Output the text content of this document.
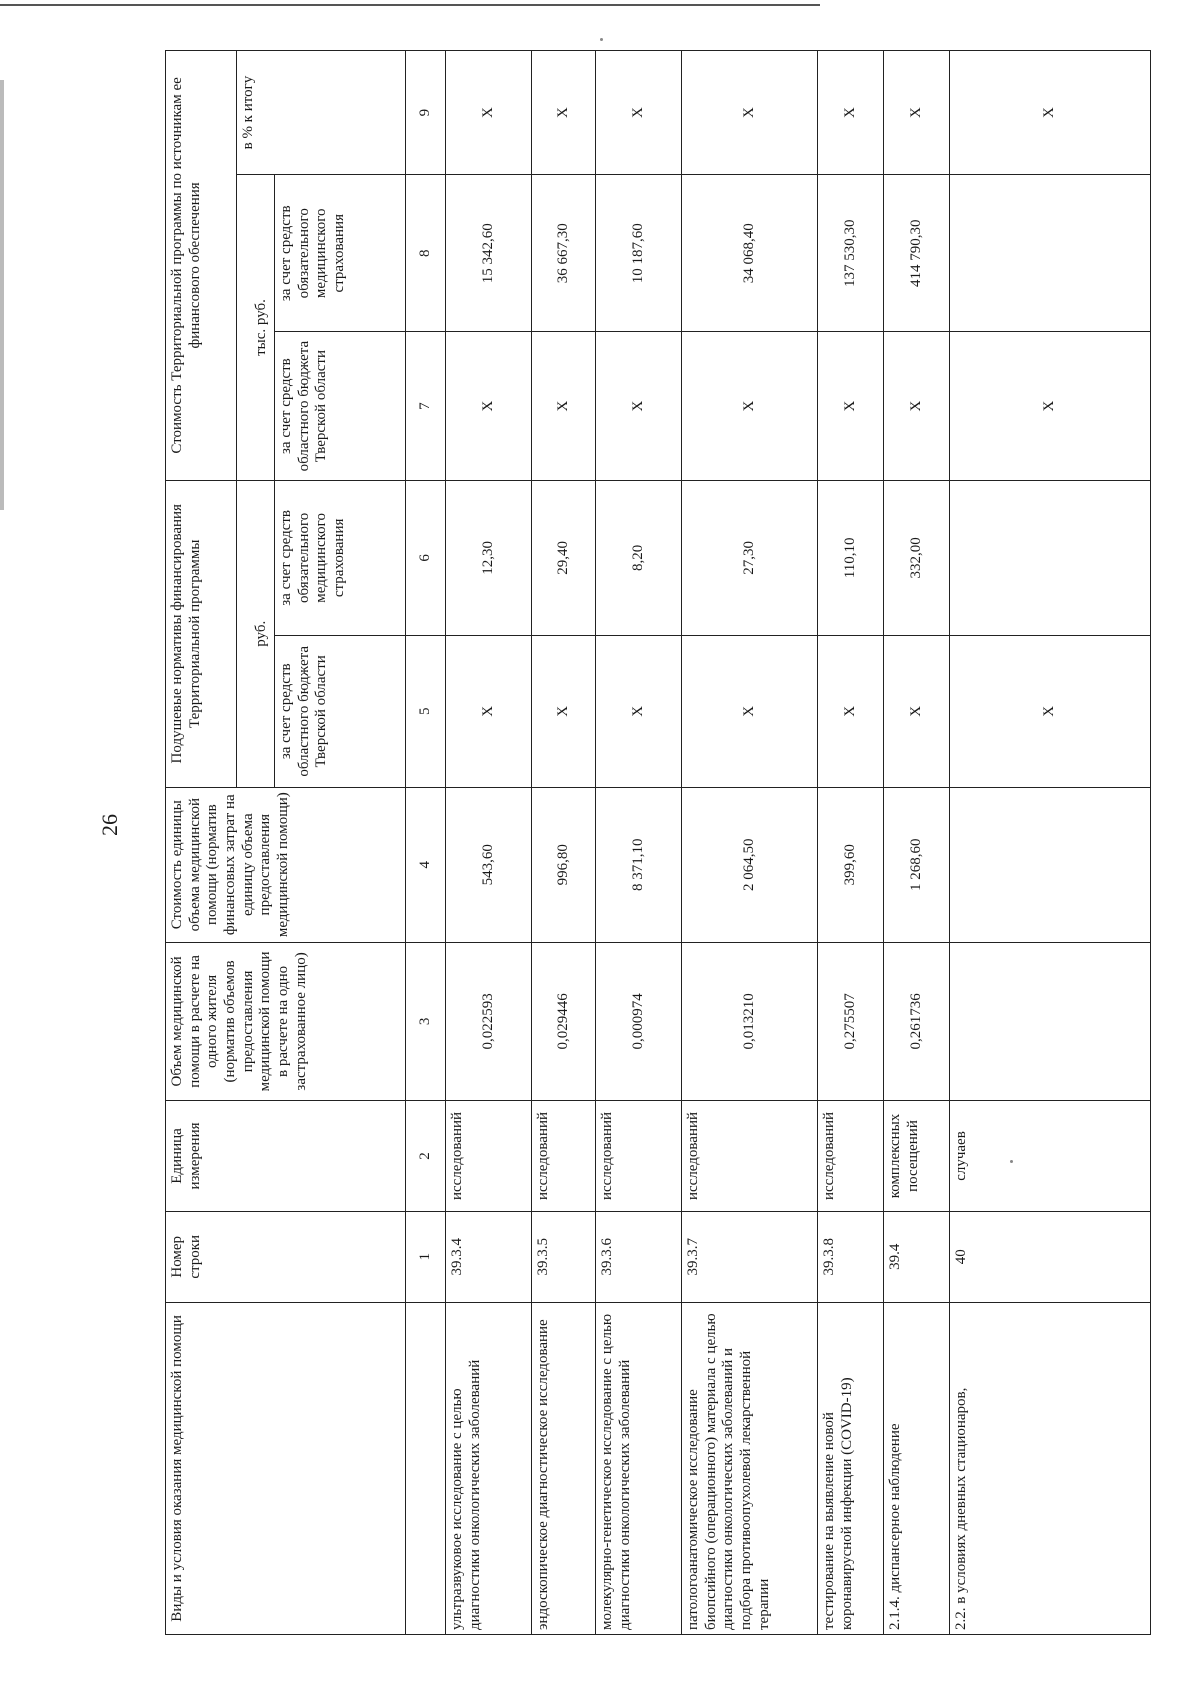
26
Виды и условия оказания медицинской помощи	Номер строки	Единица измерения	Объем медицинской помощи в расчете на одного жителя (норматив объемов предоставления медицинской помощи в расчете на одно застрахованное лицо)	Стоимость единицы объема медицинской помощи (норматив финансовых затрат на единицу объема предоставления медицинской помощи)	Подушевые нормативы финансирования Территориальной программы		Стоимость Территориальной программы по источникам ее финансового обеспечения		
					руб.		тыс. руб.		в % к итогу
					за счет средств областного бюджета Тверской области	за счет средств обязательного медицинского страхования	за счет средств областного бюджета Тверской области	за счет средств обязательного медицинского страхования	
	1	2	3	4	5	6	7	8	9
ультразвуковое исследование с целью диагностики онкологических заболеваний	39.3.4	исследований	0,022593	543,60	X	12,30	X	15 342,60	X
эндоскопическое диагностическое исследование	39.3.5	исследований	0,029446	996,80	X	29,40	X	36 667,30	X
молекулярно-генетическое исследование с целью диагностики онкологических заболеваний	39.3.6	исследований	0,000974	8 371,10	X	8,20	X	10 187,60	X
патологоанатомическое исследование биопсийного (операционного) материала с целью диагностики онкологических заболеваний и подбора противоопухолевой лекарственной терапии	39.3.7	исследований	0,013210	2 064,50	X	27,30	X	34 068,40	X
тестирование на выявление новой коронавирусной инфекции (COVID-19)	39.3.8	исследований	0,275507	399,60	X	110,10	X	137 530,30	X
2.1.4. диспансерное наблюдение	39.4	комплексных посещений	0,261736	1 268,60	X	332,00	X	414 790,30	X
2.2. в условиях дневных стационаров,	40	случаев			X		X		X
